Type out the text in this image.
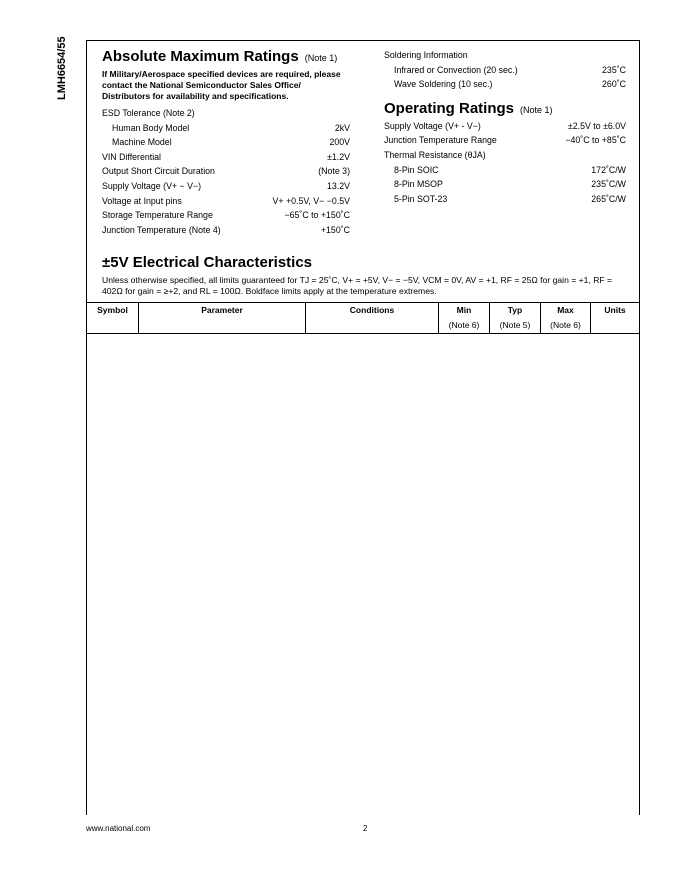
LMH6654/55 Absolute Maximum Ratings (Note 1)
If Military/Aerospace specified devices are required, please contact the National Semiconductor Sales Office/ Distributors for availability and specifications.
ESD Tolerance (Note 2)
Human Body Model	2kV
Machine Model	200V
VIN Differential	±1.2V
Output Short Circuit Duration	(Note 3)
Supply Voltage (V+ − V−)	13.2V
Voltage at Input pins	V+ +0.5V, V− −0.5V
Storage Temperature Range	−65˚C to +150˚C
Junction Temperature (Note 4)	+150˚C
Soldering Information
Infrared or Convection (20 sec.)	235˚C
Wave Soldering (10 sec.)	260˚C
Operating Ratings (Note 1)
Supply Voltage (V+ - V−)	±2.5V to ±6.0V
Junction Temperature Range	−40˚C to +85˚C
Thermal Resistance (θJA)
8-Pin SOIC	172˚C/W
8-Pin MSOP	235˚C/W
5-Pin SOT-23	265˚C/W
±5V Electrical Characteristics
Unless otherwise specified, all limits guaranteed for TJ = 25˚C, V+ = +5V, V− = −5V, VCM = 0V, AV = +1, RF = 25Ω for gain = +1, RF = 402Ω for gain = ≥+2, and RL = 100Ω. Boldface limits apply at the temperature extremes.
Symbol	Parameter	Conditions	Min	Typ	Max	Units
			(Note 6)	(Note 5)	(Note 6)	
www.national.com	2
